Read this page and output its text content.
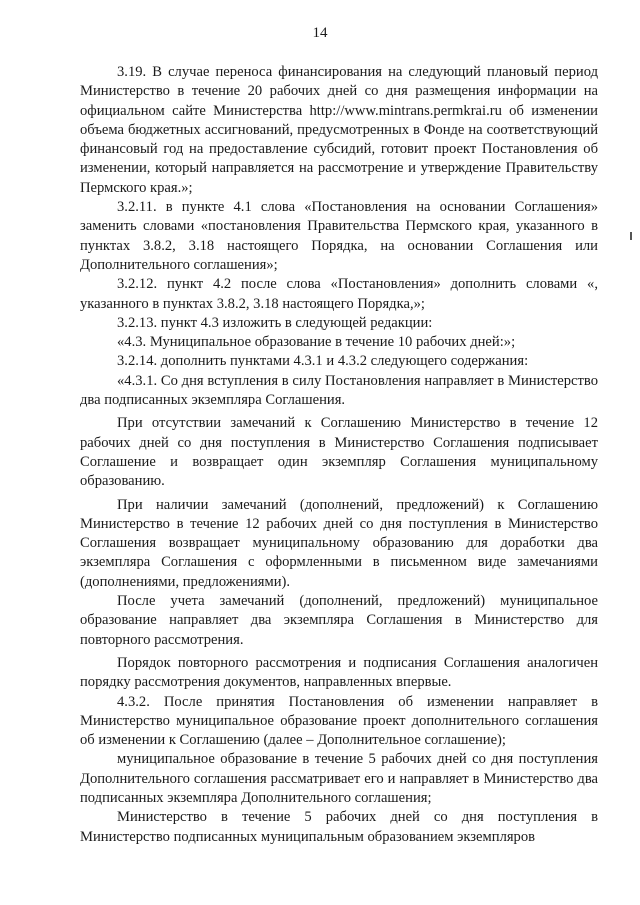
14

3.19. В случае переноса финансирования на следующий плановый период Министерство в течение 20 рабочих дней со дня размещения информации на официальном сайте Министерства http://www.mintrans.permkrai.ru об изменении объема бюджетных ассигнований, предусмотренных в Фонде на соответствующий финансовый год на предоставление субсидий, готовит проект Постановления об изменении, который направляется на рассмотрение и утверждение Правительству Пермского края.»;

3.2.11. в пункте 4.1 слова «Постановления на основании Соглашения» заменить словами «постановления Правительства Пермского края, указанного в пунктах 3.8.2, 3.18 настоящего Порядка, на основании Соглашения или Дополнительного соглашения»;

3.2.12. пункт 4.2 после слова «Постановления» дополнить словами «, указанного в пунктах 3.8.2, 3.18 настоящего Порядка,»;

3.2.13. пункт 4.3 изложить в следующей редакции:

«4.3. Муниципальное образование в течение 10 рабочих дней:»;

3.2.14. дополнить пунктами 4.3.1 и 4.3.2 следующего содержания:

«4.3.1. Со дня вступления в силу Постановления направляет в Министерство два подписанных экземпляра Соглашения.

При отсутствии замечаний к Соглашению Министерство в течение 12 рабочих дней со дня поступления в Министерство Соглашения подписывает Соглашение и возвращает один экземпляр Соглашения муниципальному образованию.

При наличии замечаний (дополнений, предложений) к Соглашению Министерство в течение 12 рабочих дней со дня поступления в Министерство Соглашения возвращает муниципальному образованию для доработки два экземпляра Соглашения с оформленными в письменном виде замечаниями (дополнениями, предложениями).

После учета замечаний (дополнений, предложений) муниципальное образование направляет два экземпляра Соглашения в Министерство для повторного рассмотрения.

Порядок повторного рассмотрения и подписания Соглашения аналогичен порядку рассмотрения документов, направленных впервые.

4.3.2. После принятия Постановления об изменении направляет в Министерство муниципальное образование проект дополнительного соглашения об изменении к Соглашению (далее – Дополнительное соглашение);

муниципальное образование в течение 5 рабочих дней со дня поступления Дополнительного соглашения рассматривает его и направляет в Министерство два подписанных экземпляра Дополнительного соглашения;

Министерство в течение 5 рабочих дней со дня поступления в Министерство подписанных муниципальным образованием экземпляров
